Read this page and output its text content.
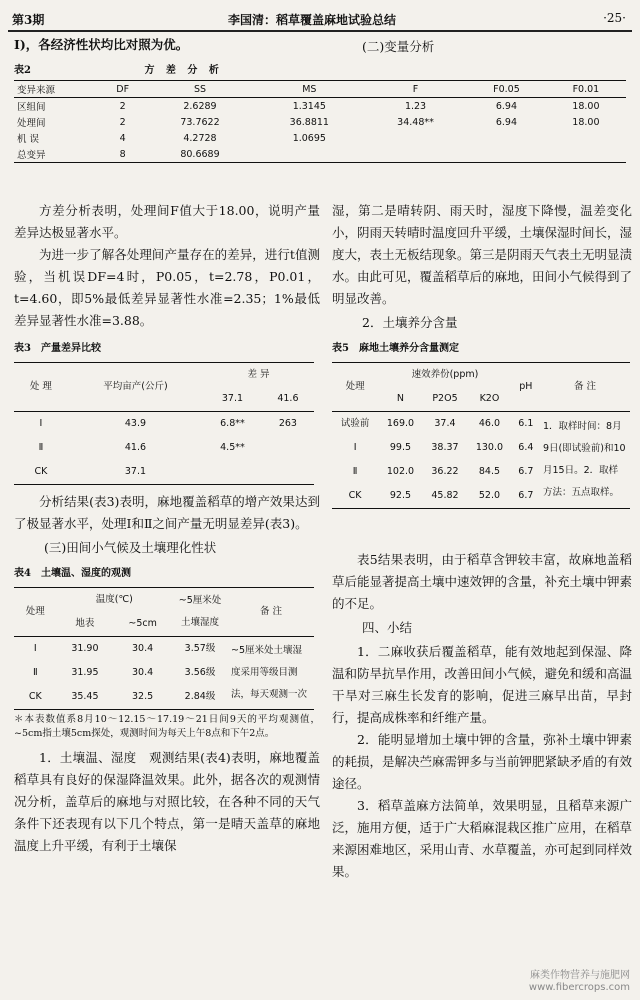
第3期	李国清：稻草覆盖麻地试验总结	·25·

Ⅰ)，各经济性状均比对照为优。

表2	方 差 分 析
变异来源	DF	SS	MS	F	F0.05	F0.01
区组间	2	2.6289	1.3145	1.23	6.94	18.00
处理间	2	73.7622	36.8811	34.48**	6.94	18.00
机 误	4	4.2728	1.0695			
总变异	8	80.6689				

(二)变量分析

方差分析表明，处理间F值大于18.00，说明产量差异达极显著水平。

为进一步了解各处理间产量存在的差异，进行t值测验，当机误DF=4时，P0.05，t=2.78，P0.01，t=4.60，即5%最低差异显著性水准=2.35；1%最低差异显著性水准=3.88。

表3　产量差异比较
处 理	平均亩产(公斤)	差 异	
		37.1	41.6
Ⅰ	43.9	6.8**	263
Ⅱ	41.6	4.5**	
CK	37.1		

分析结果(表3)表明，麻地覆盖稻草的增产效果达到了极显著水平，处理Ⅰ和Ⅱ之间产量无明显差异(表3)。

(三)田间小气候及土壤理化性状

表4　土壤温、湿度的观测
处理	温度(℃)		~5厘米处土壤湿度	备 注
	地表	~5cm		
Ⅰ	31.90	30.4	3.57级	~5厘米处土壤湿度采用等级目测法，每天观测一次
Ⅱ	31.95	30.4	3.56级	
CK	35.45	32.5	2.84级	

＊本表数值系8月10～12.15～17.19～21日间9天的平均观测值，~5cm指土壤5cm探处，观测时间为每天上午8点和下午2点。

1．土壤温、湿度　观测结果(表4)表明，麻地覆盖稻草具有良好的保湿降温效果。此外，据各次的观测情况分析，盖草后的麻地与对照比较，在各种不同的天气条件下还表现有以下几个特点，第一是晴天盖草的麻地温度上升平缓，有利于土壤保

湿，第二是晴转阴、雨天时，湿度下降慢，温差变化小，阴雨天转晴时温度回升平缓，土壤保湿时间长，湿度大，表土无板结现象。第三是阴雨天气表土无明显渍水。由此可见，覆盖稻草后的麻地，田间小气候得到了明显改善。

2．土壤养分含量

表5　麻地土壤养分含量测定
处理	速效养份(ppm)			pH	备 注
	N	P2O5	K2O		
试验前	169.0	37.4	46.0	6.1	1．取样时间：8月9日(即试验前)和10月15日。2．取样方法：五点取样。
Ⅰ	99.5	38.37	130.0	6.4	
Ⅱ	102.0	36.22	84.5	6.7	
CK	92.5	45.82	52.0	6.7	

表5结果表明，由于稻草含钾较丰富，故麻地盖稻草后能显著提高土壤中速效钾的含量，补充土壤中钾素的不足。

四、小结

1．二麻收获后覆盖稻草，能有效地起到保湿、降温和防旱抗旱作用，改善田间小气候，避免和缓和高温干旱对三麻生长发育的影响，促进三麻早出苗，早封行，提高成株率和纤维产量。

2．能明显增加土壤中钾的含量，弥补土壤中钾素的耗损，是解决苎麻需钾多与当前钾肥紧缺矛盾的有效途径。

3．稻草盖麻方法简单，效果明显，且稻草来源广泛，施用方便，适于广大稻麻混栽区推广应用，在稻草来源困难地区，采用山青、水草覆盖，亦可起到同样效果。

麻类作物营养与施肥网
www.fibercrops.com
